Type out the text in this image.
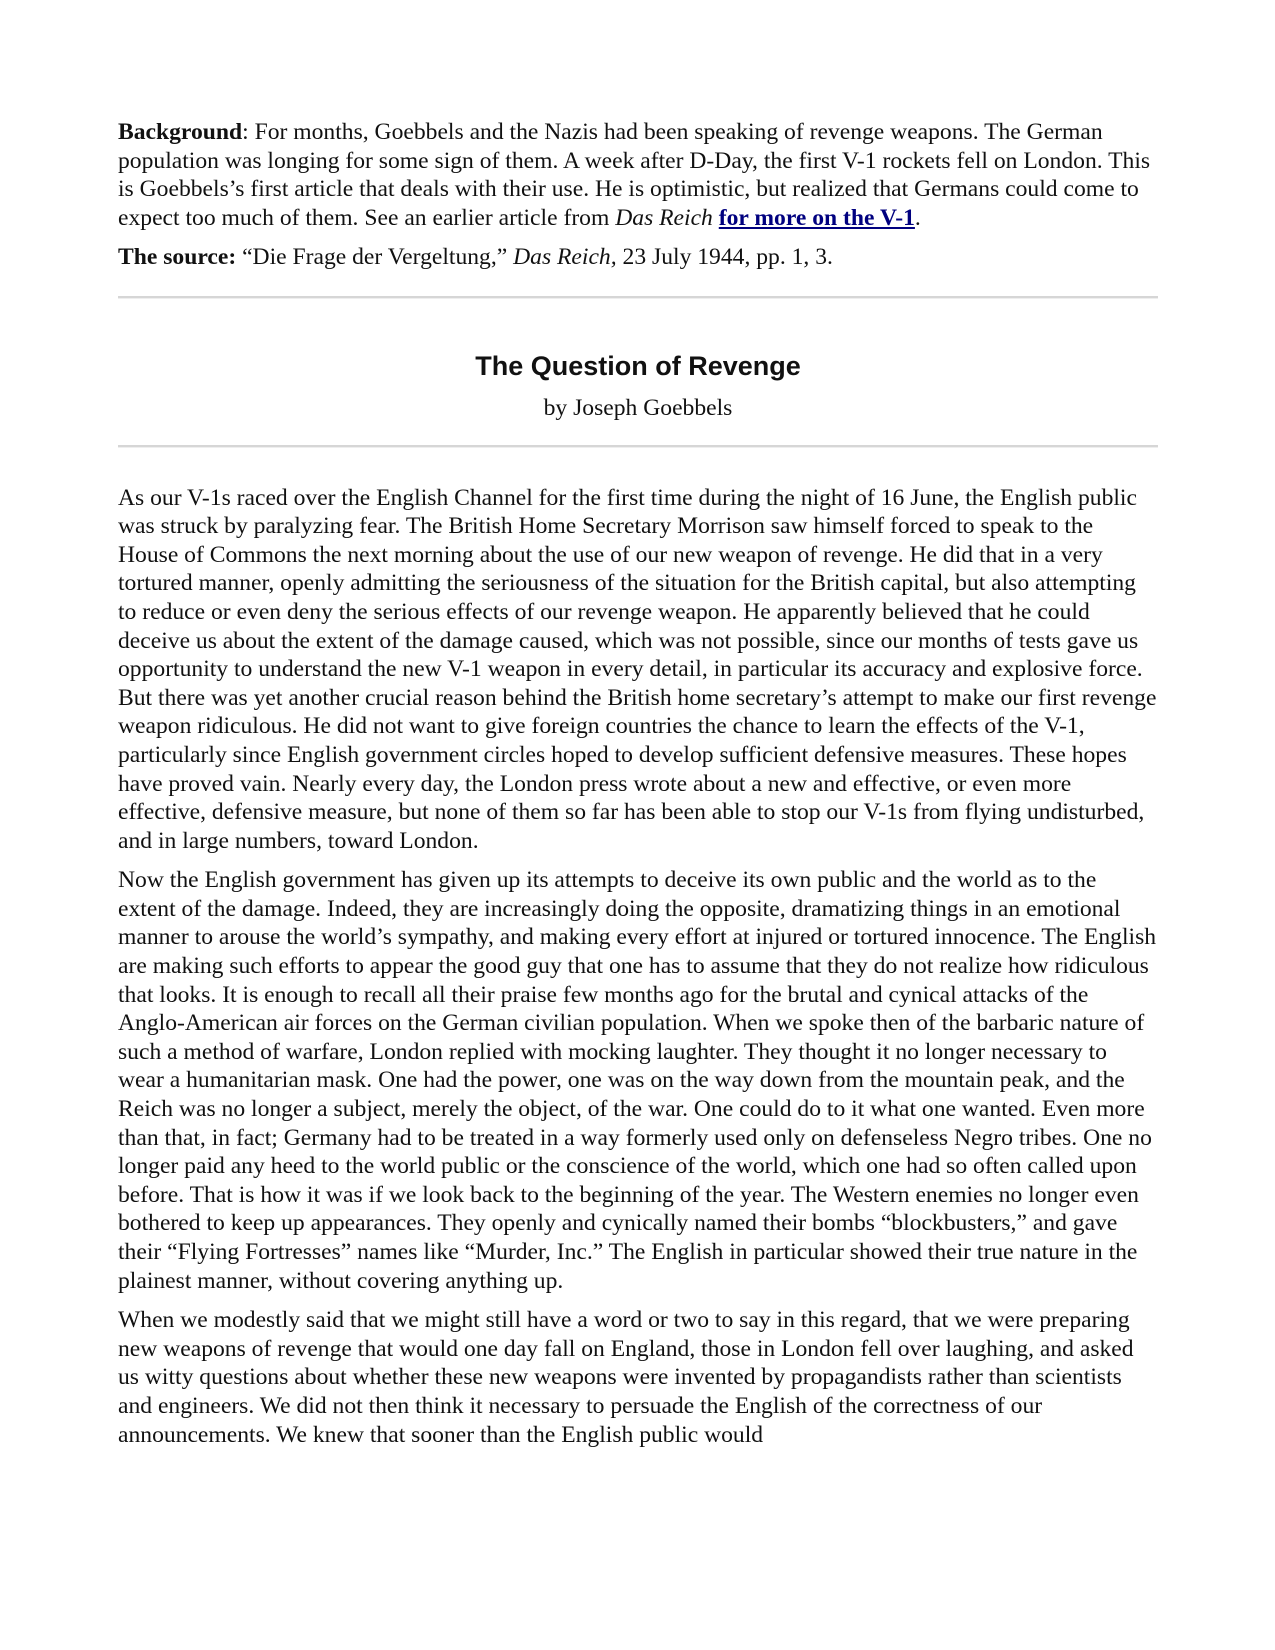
Background: For months, Goebbels and the Nazis had been speaking of revenge weapons. The German population was longing for some sign of them. A week after D-Day, the first V-1 rockets fell on London. This is Goebbels’s first article that deals with their use. He is optimistic, but realized that Germans could come to expect too much of them. See an earlier article from Das Reich for more on the V-1.

The source: “Die Frage der Vergeltung,” Das Reich, 23 July 1944, pp. 1, 3.

The Question of Revenge

by Joseph Goebbels

As our V-1s raced over the English Channel for the first time during the night of 16 June, the English public was struck by paralyzing fear. The British Home Secretary Morrison saw himself forced to speak to the House of Commons the next morning about the use of our new weapon of revenge. He did that in a very tortured manner, openly admitting the seriousness of the situation for the British capital, but also attempting to reduce or even deny the serious effects of our revenge weapon. He apparently believed that he could deceive us about the extent of the damage caused, which was not possible, since our months of tests gave us opportunity to understand the new V-1 weapon in every detail, in particular its accuracy and explosive force. But there was yet another crucial reason behind the British home secretary’s attempt to make our first revenge weapon ridiculous. He did not want to give foreign countries the chance to learn the effects of the V-1, particularly since English government circles hoped to develop sufficient defensive measures. These hopes have proved vain. Nearly every day, the London press wrote about a new and effective, or even more effective, defensive measure, but none of them so far has been able to stop our V-1s from flying undisturbed, and in large numbers, toward London.

Now the English government has given up its attempts to deceive its own public and the world as to the extent of the damage. Indeed, they are increasingly doing the opposite, dramatizing things in an emotional manner to arouse the world’s sympathy, and making every effort at injured or tortured innocence. The English are making such efforts to appear the good guy that one has to assume that they do not realize how ridiculous that looks. It is enough to recall all their praise few months ago for the brutal and cynical attacks of the Anglo-American air forces on the German civilian population. When we spoke then of the barbaric nature of such a method of warfare, London replied with mocking laughter. They thought it no longer necessary to wear a humanitarian mask. One had the power, one was on the way down from the mountain peak, and the Reich was no longer a subject, merely the object, of the war. One could do to it what one wanted. Even more than that, in fact; Germany had to be treated in a way formerly used only on defenseless Negro tribes. One no longer paid any heed to the world public or the conscience of the world, which one had so often called upon before. That is how it was if we look back to the beginning of the year. The Western enemies no longer even bothered to keep up appearances. They openly and cynically named their bombs “blockbusters,” and gave their “Flying Fortresses” names like “Murder, Inc.” The English in particular showed their true nature in the plainest manner, without covering anything up.

When we modestly said that we might still have a word or two to say in this regard, that we were preparing new weapons of revenge that would one day fall on England, those in London fell over laughing, and asked us witty questions about whether these new weapons were invented by propagandists rather than scientists and engineers. We did not then think it necessary to persuade the English of the correctness of our announcements. We knew that sooner than the English public would
